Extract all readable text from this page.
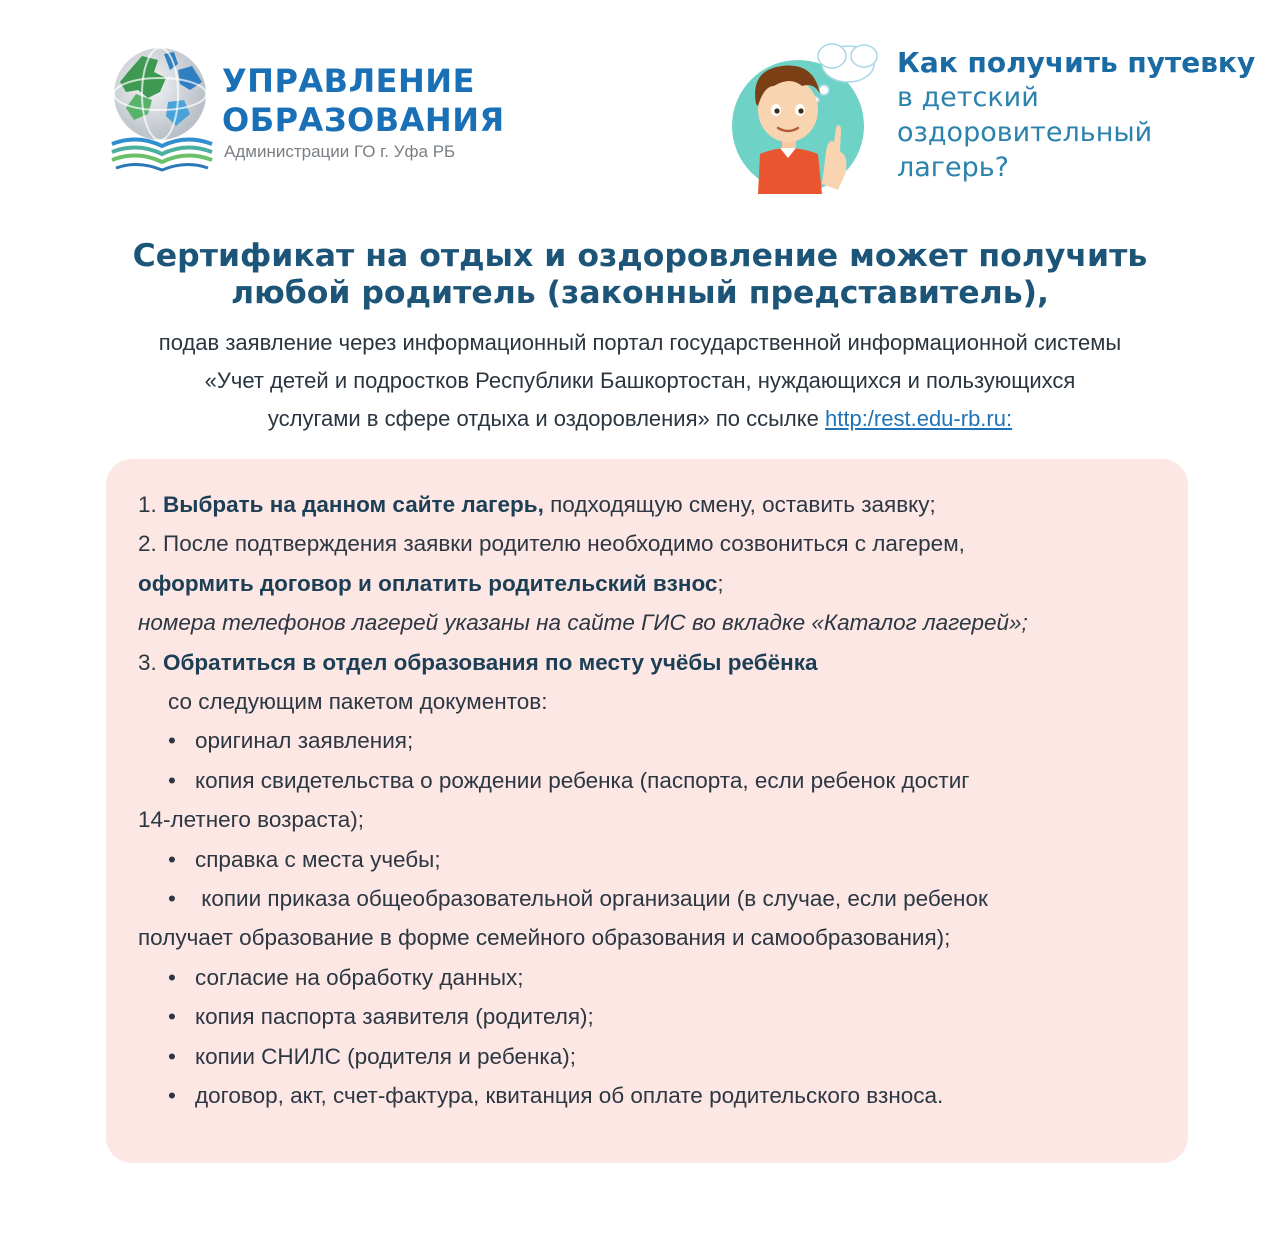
УПРАВЛЕНИЕ
ОБРАЗОВАНИЯ

Администрации ГО г. Уфа РБ

Как получить путевку

в детский

оздоровительный

лагерь?

Сертификат на отдых и оздоровление может получить
любой родитель (законный представитель),

подав заявление через информационный портал государственной информационной системы
«Учет детей и подростков Республики Башкортостан, нуждающихся и пользующихся
услугами в сфере отдыха и оздоровления» по ссылке http:/rest.edu-rb.ru:

1. Выбрать на данном сайте лагерь, подходящую смену, оставить заявку;

2. После подтверждения заявки родителю необходимо созвониться с лагерем,

оформить договор и оплатить родительский взнос;

номера телефонов лагерей указаны на сайте ГИС во вкладке «Каталог лагерей»;

3. Обратиться в отдел образования по месту учёбы ребёнка

со следующим пакетом документов:

• оригинал заявления;

• копия свидетельства о рождении ребенка (паспорта, если ребенок достиг

14-летнего возраста);

• справка с места учебы;

• копии приказа общеобразовательной организации (в случае, если ребенок

получает образование в форме семейного образования и самообразования);

• согласие на обработку данных;

• копия паспорта заявителя (родителя);

• копии СНИЛС (родителя и ребенка);

• договор, акт, счет-фактура, квитанция об оплате родительского взноса.
